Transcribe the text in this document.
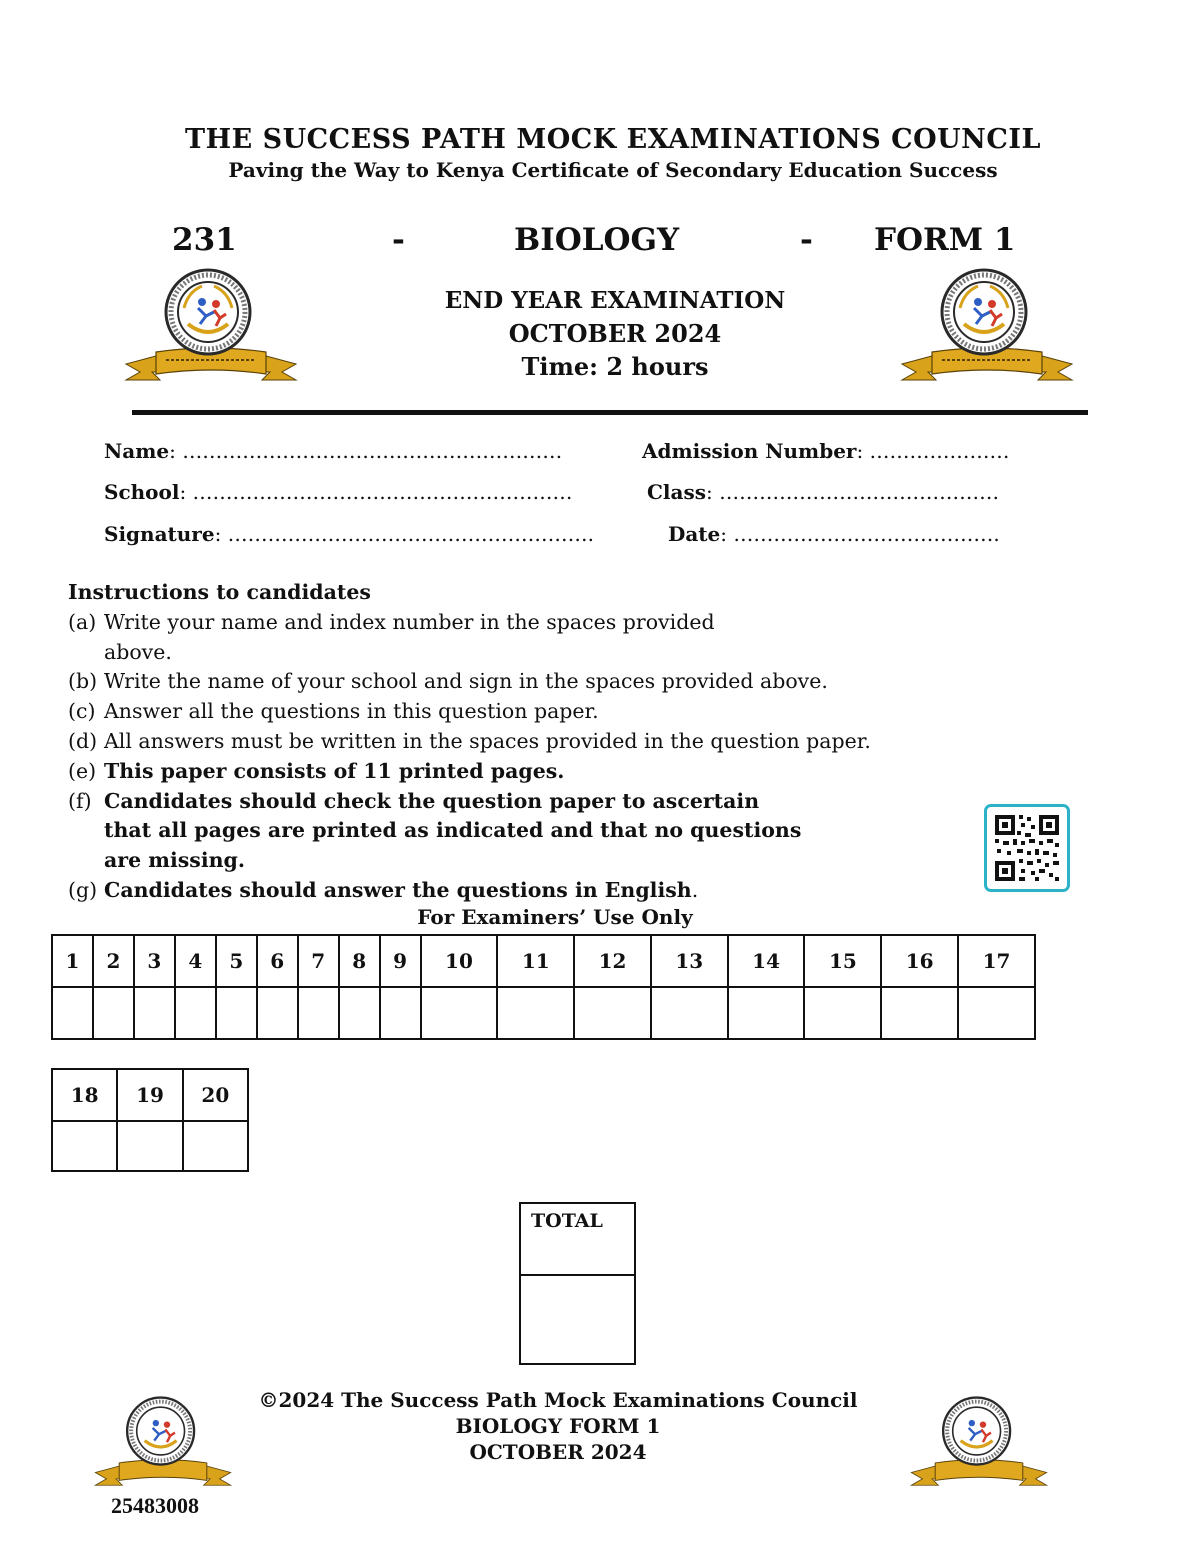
THE SUCCESS PATH MOCK EXAMINATIONS COUNCIL
Paving the Way to Kenya Certificate of Secondary Education Success
231	-	BIOLOGY	- FORM 1
END YEAR EXAMINATION
OCTOBER 2024
Time: 2 hours
Name: …………………………………………………	Admission Number: …………………
School: …………………………………………………	Class: ……………………………………
Signature: ……………………………………………….	Date: ………………………………….
Instructions to candidates
(a) Write your name and index number in the spaces provided
above.
(b) Write the name of your school and sign in the spaces provided above.
(c) Answer all the questions in this question paper.
(d) All answers must be written in the spaces provided in the question paper.
(e) This paper consists of 11 printed pages.
(f) Candidates should check the question paper to ascertain that all pages are printed as indicated and that no questions are missing.
(g) Candidates should answer the questions in English.
For Examiners’ Use Only
1	2	3	4	5	6	7	8	9	10	11	12	13	14	15	16	17

18	19	20

TOTAL
©2024 The Success Path Mock Examinations Council
BIOLOGY FORM 1
OCTOBER 2024
25483008
